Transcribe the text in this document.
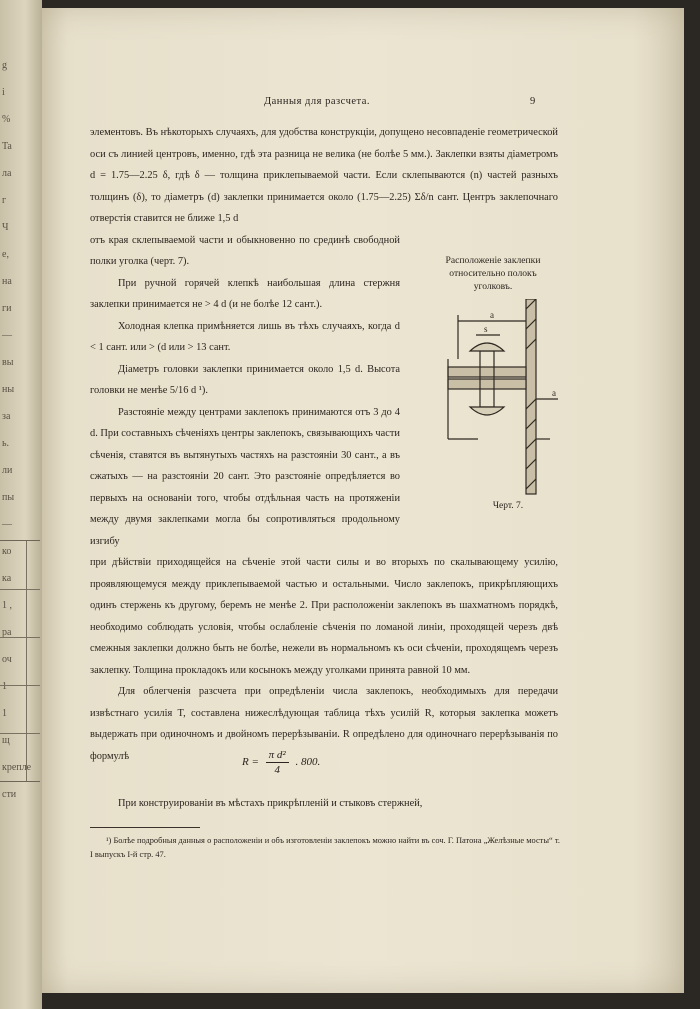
g
i
%
Ta
ла
г
Ч
е,
на
ги
—
вы
ны
за
ь.
ли
пы
—
ко
ка
1 ,
ра
оч
1
1
щ
крепле
сти
Данныя для разсчета.	9

элементовъ. Въ нѣкоторыхъ случаяхъ, для удобства конструкціи, допущено несовпаденіе геометрической оси съ линией центровъ, именно, гдѣ эта разница не велика (не болѣе 5 мм.). Заклепки взяты діаметромъ d = 1.75—2.25 δ, гдѣ δ — толщина приклепываемой части. Если склепываются (n) частей разныхъ толщинъ (δ), то діаметръ (d) заклепки принимается около (1.75—2.25) Σδ/n сант. Центръ заклепочнаго отверстія ставится не ближе 1,5 d

отъ края склепываемой части и обыкновенно по срединѣ свободной полки уголка (черт. 7).

При ручной горячей клепкѣ наибольшая длина стержня заклепки принимается не > 4 d (и не болѣе 12 сант.).

Холодная клепка примѣняется лишь въ тѣхъ случаяхъ, когда d < 1 сант. или > (d или > 13 сант.

Діаметръ головки заклепки принимается около 1,5 d. Высота головки не менѣе 5/16 d ¹).

Разстояніе между центрами заклепокъ принимаются отъ 3 до 4 d. При составныхъ сѣченіяхъ центры заклепокъ, связывающихъ части сѣченія, ставятся въ вытянутыхъ частяхъ на разстояніи 30 сант., а въ сжатыхъ — на разстояніи 20 сант. Это разстояніе опредѣляется во первыхъ на основаніи того, чтобы отдѣльная часть на протяженіи между двумя заклепками могла бы сопротивляться продольному изгибу

при дѣйствіи приходящейся на сѣченіе этой части силы и во вторыхъ по скалывающему усилію, проявляющемуся между приклепываемой частью и остальными. Число заклепокъ, прикрѣпляющихъ одинъ стержень къ другому, беремъ не менѣе 2. При расположеніи заклепокъ въ шахматномъ порядкѣ, необходимо соблюдать условія, чтобы ослабленіе сѣченія по ломаной линіи, проходящей черезъ двѣ смежныя заклепки должно быть не болѣе, нежели въ нормальномъ къ оси сѣченіи, проходящемъ черезъ заклепку. Толщина прокладокъ или косынокъ между уголками принята равной 10 мм.

Для облегченія разсчета при опредѣленіи числа заклепокъ, необходимыхъ для передачи извѣстнаго усилія T, составлена нижеслѣдующая таблица тѣхъ усилій R, которыя заклепка можетъ выдержать при одиночномъ и двойномъ перерѣзываніи. R опредѣлено для одиночнаго перерѣзыванія по формулѣ

Расположеніе заклепки
относительно полокъ
уголковъ.
a
s
a
Черт. 7.
$R = \frac{\text{π d²}}{4}$ . 800.
При конструированіи въ мѣстахъ прикрѣпленій и стыковъ стержней,
¹) Болѣе подробныя данныя о расположеніи и объ изготовленіи заклепокъ можно найти въ соч. Г. Патона „Желѣзные мосты“ т. I выпускъ I-й стр. 47.
